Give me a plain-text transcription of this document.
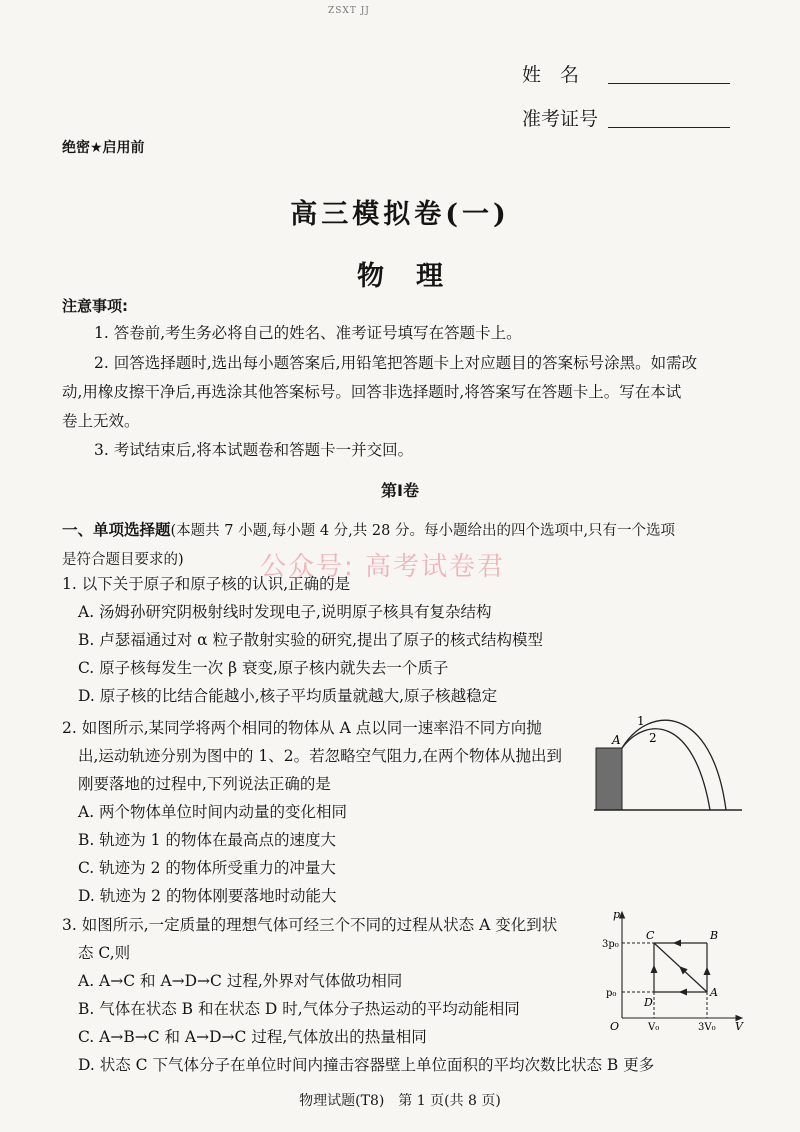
ZSXT JJ
姓　名
准考证号
绝密★启用前
高三模拟卷(一)
物 理
注意事项:
1. 答卷前,考生务必将自己的姓名、准考证号填写在答题卡上。
2. 回答选择题时,选出每小题答案后,用铅笔把答题卡上对应题目的答案标号涂黑。如需改
动,用橡皮擦干净后,再选涂其他答案标号。回答非选择题时,将答案写在答题卡上。写在本试
卷上无效。
3. 考试结束后,将本试题卷和答题卡一并交回。
第Ⅰ卷
一、单项选择题(本题共 7 小题,每小题 4 分,共 28 分。每小题给出的四个选项中,只有一个选项
是符合题目要求的)	公众号: 高考试卷君
1. 以下关于原子和原子核的认识,正确的是
A. 汤姆孙研究阴极射线时发现电子,说明原子核具有复杂结构
B. 卢瑟福通过对 α 粒子散射实验的研究,提出了原子的核式结构模型
C. 原子核每发生一次 β 衰变,原子核内就失去一个质子
D. 原子核的比结合能越小,核子平均质量就越大,原子核越稳定
2. 如图所示,某同学将两个相同的物体从 A 点以同一速率沿不同方向抛
出,运动轨迹分别为图中的 1、2。若忽略空气阻力,在两个物体从抛出到
刚要落地的过程中,下列说法正确的是
A. 两个物体单位时间内动量的变化相同
B. 轨迹为 1 的物体在最高点的速度大
C. 轨迹为 2 的物体所受重力的冲量大
D. 轨迹为 2 的物体刚要落地时动能大
A
1
2
3. 如图所示,一定质量的理想气体可经三个不同的过程从状态 A 变化到状
态 C,则
A. A→C 和 A→D→C 过程,外界对气体做功相同
B. 气体在状态 B 和在状态 D 时,气体分子热运动的平均动能相同
C. A→B→C 和 A→D→C 过程,气体放出的热量相同
D. 状态 C 下气体分子在单位时间内撞击容器壁上单位面积的平均次数比状态 B 更多
p
V
O
3p₀
p₀
V₀	3V₀
C	B
D
A
物理试题(T8)　第 1 页(共 8 页)
